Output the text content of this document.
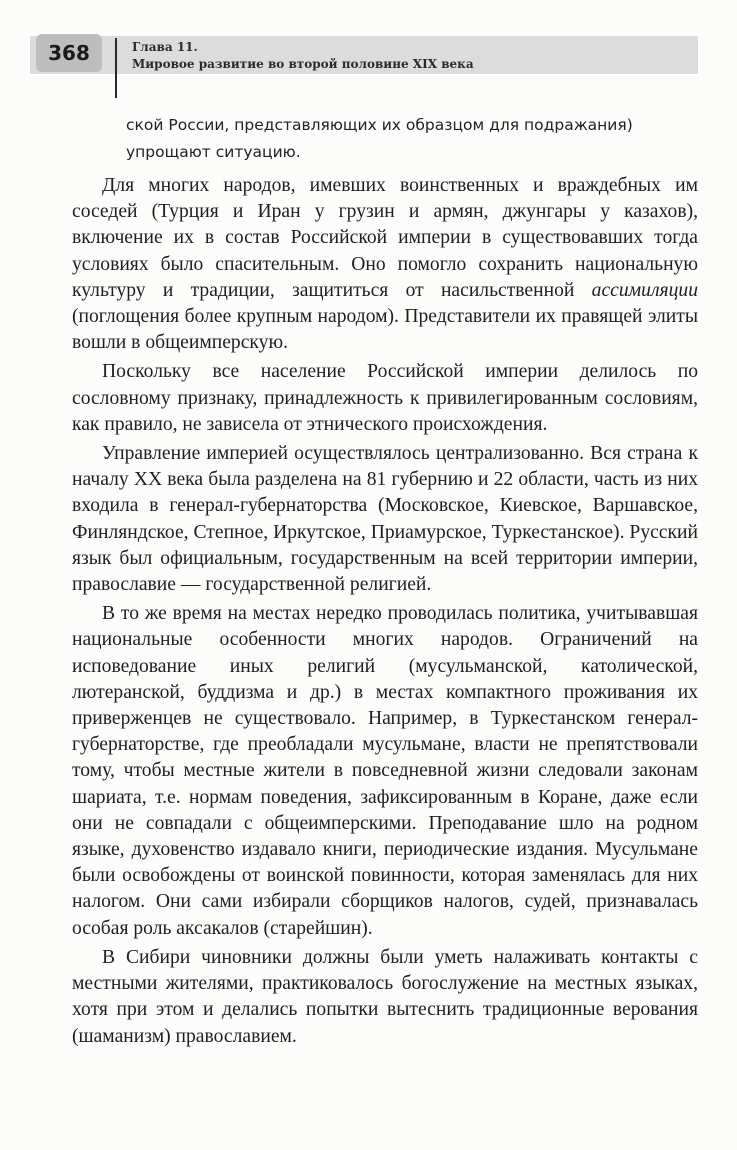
368	Глава 11.
Мировое развитие во второй половине XIX века

ской России, представляющих их образцом для подражания) упрощают ситуацию.

Для многих народов, имевших воинственных и враждебных им соседей (Турция и Иран у грузин и армян, джунгары у казахов), включение их в состав Российской империи в существовавших тогда условиях было спасительным. Оно помогло сохранить национальную культуру и традиции, защититься от насильственной ассимиляции (поглощения более крупным народом). Представители их правящей элиты вошли в общеимперскую.

Поскольку все население Российской империи делилось по сословному признаку, принадлежность к привилегированным сословиям, как правило, не зависела от этнического происхождения.

Управление империей осуществлялось централизованно. Вся страна к началу XX века была разделена на 81 губернию и 22 области, часть из них входила в генерал-губернаторства (Московское, Киевское, Варшавское, Финляндское, Степное, Иркутское, Приамурское, Туркестанское). Русский язык был официальным, государственным на всей территории империи, православие — государственной религией.

В то же время на местах нередко проводилась политика, учитывавшая национальные особенности многих народов. Ограничений на исповедование иных религий (мусульманской, католической, лютеранской, буддизма и др.) в местах компактного проживания их приверженцев не существовало. Например, в Туркестанском генерал-губернаторстве, где преобладали мусульмане, власти не препятствовали тому, чтобы местные жители в повседневной жизни следовали законам шариата, т.е. нормам поведения, зафиксированным в Коране, даже если они не совпадали с общеимперскими. Преподавание шло на родном языке, духовенство издавало книги, периодические издания. Мусульмане были освобождены от воинской повинности, которая заменялась для них налогом. Они сами избирали сборщиков налогов, судей, признавалась особая роль аксакалов (старейшин).

В Сибири чиновники должны были уметь налаживать контакты с местными жителями, практиковалось богослужение на местных языках, хотя при этом и делались попытки вытеснить традиционные верования (шаманизм) православием.
